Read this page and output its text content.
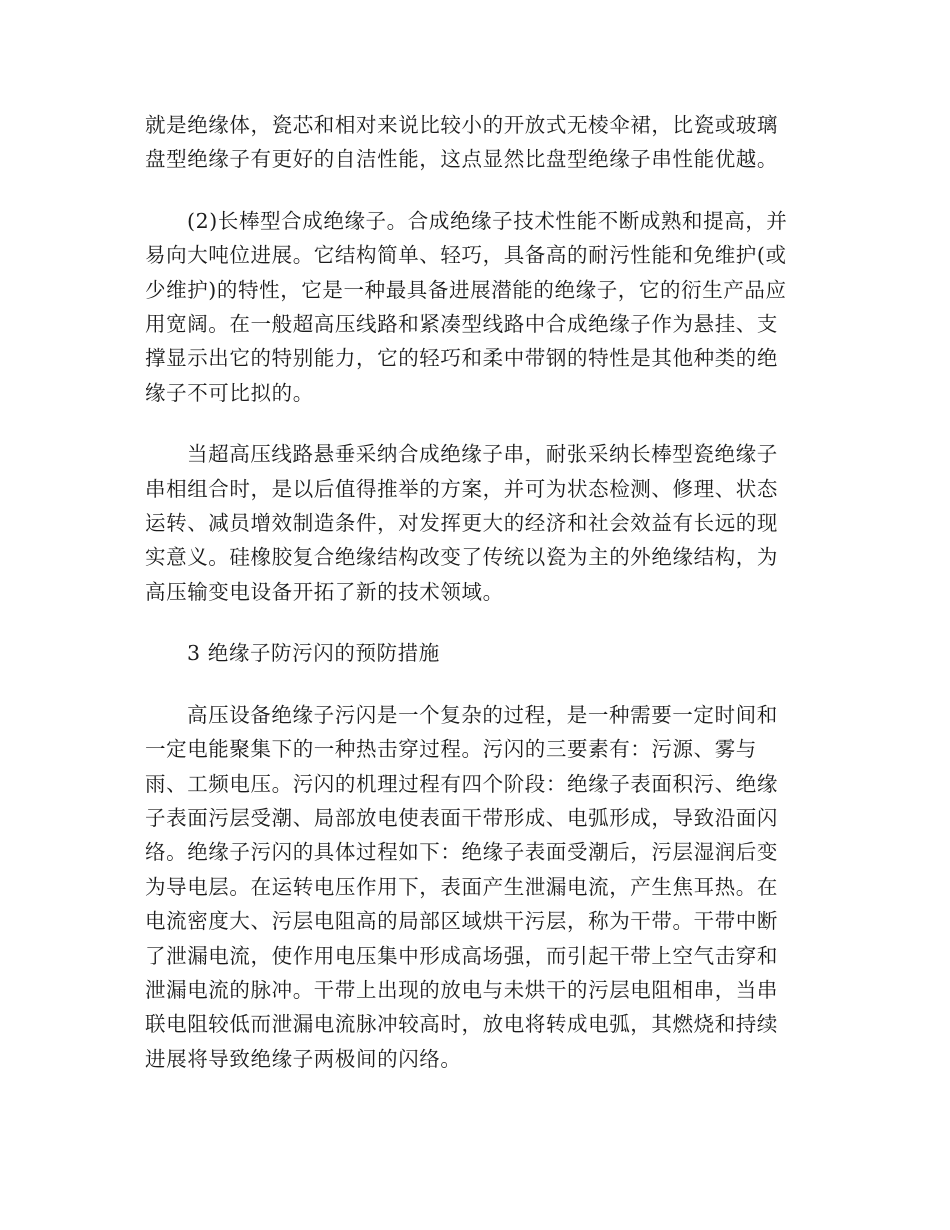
就是绝缘体，瓷芯和相对来说比较小的开放式无棱伞裙，比瓷或玻璃
盘型绝缘子有更好的自洁性能，这点显然比盘型绝缘子串性能优越。
(2)长棒型合成绝缘子。合成绝缘子技术性能不断成熟和提高，并
易向大吨位进展。它结构简单、轻巧，具备高的耐污性能和免维护(或
少维护)的特性，它是一种最具备进展潜能的绝缘子，它的衍生产品应
用宽阔。在一般超高压线路和紧凑型线路中合成绝缘子作为悬挂、支
撑显示出它的特别能力，它的轻巧和柔中带钢的特性是其他种类的绝
缘子不可比拟的。
当超高压线路悬垂采纳合成绝缘子串，耐张采纳长棒型瓷绝缘子
串相组合时，是以后值得推举的方案，并可为状态检测、修理、状态
运转、减员增效制造条件，对发挥更大的经济和社会效益有长远的现
实意义。硅橡胶复合绝缘结构改变了传统以瓷为主的外绝缘结构，为
高压输变电设备开拓了新的技术领域。
3 绝缘子防污闪的预防措施
高压设备绝缘子污闪是一个复杂的过程，是一种需要一定时间和
一定电能聚集下的一种热击穿过程。污闪的三要素有：污源、雾与
雨、工频电压。污闪的机理过程有四个阶段：绝缘子表面积污、绝缘
子表面污层受潮、局部放电使表面干带形成、电弧形成，导致沿面闪
络。绝缘子污闪的具体过程如下：绝缘子表面受潮后，污层湿润后变
为导电层。在运转电压作用下，表面产生泄漏电流，产生焦耳热。在
电流密度大、污层电阻高的局部区域烘干污层，称为干带。干带中断
了泄漏电流，使作用电压集中形成高场强，而引起干带上空气击穿和
泄漏电流的脉冲。干带上出现的放电与未烘干的污层电阻相串，当串
联电阻较低而泄漏电流脉冲较高时，放电将转成电弧，其燃烧和持续
进展将导致绝缘子两极间的闪络。
